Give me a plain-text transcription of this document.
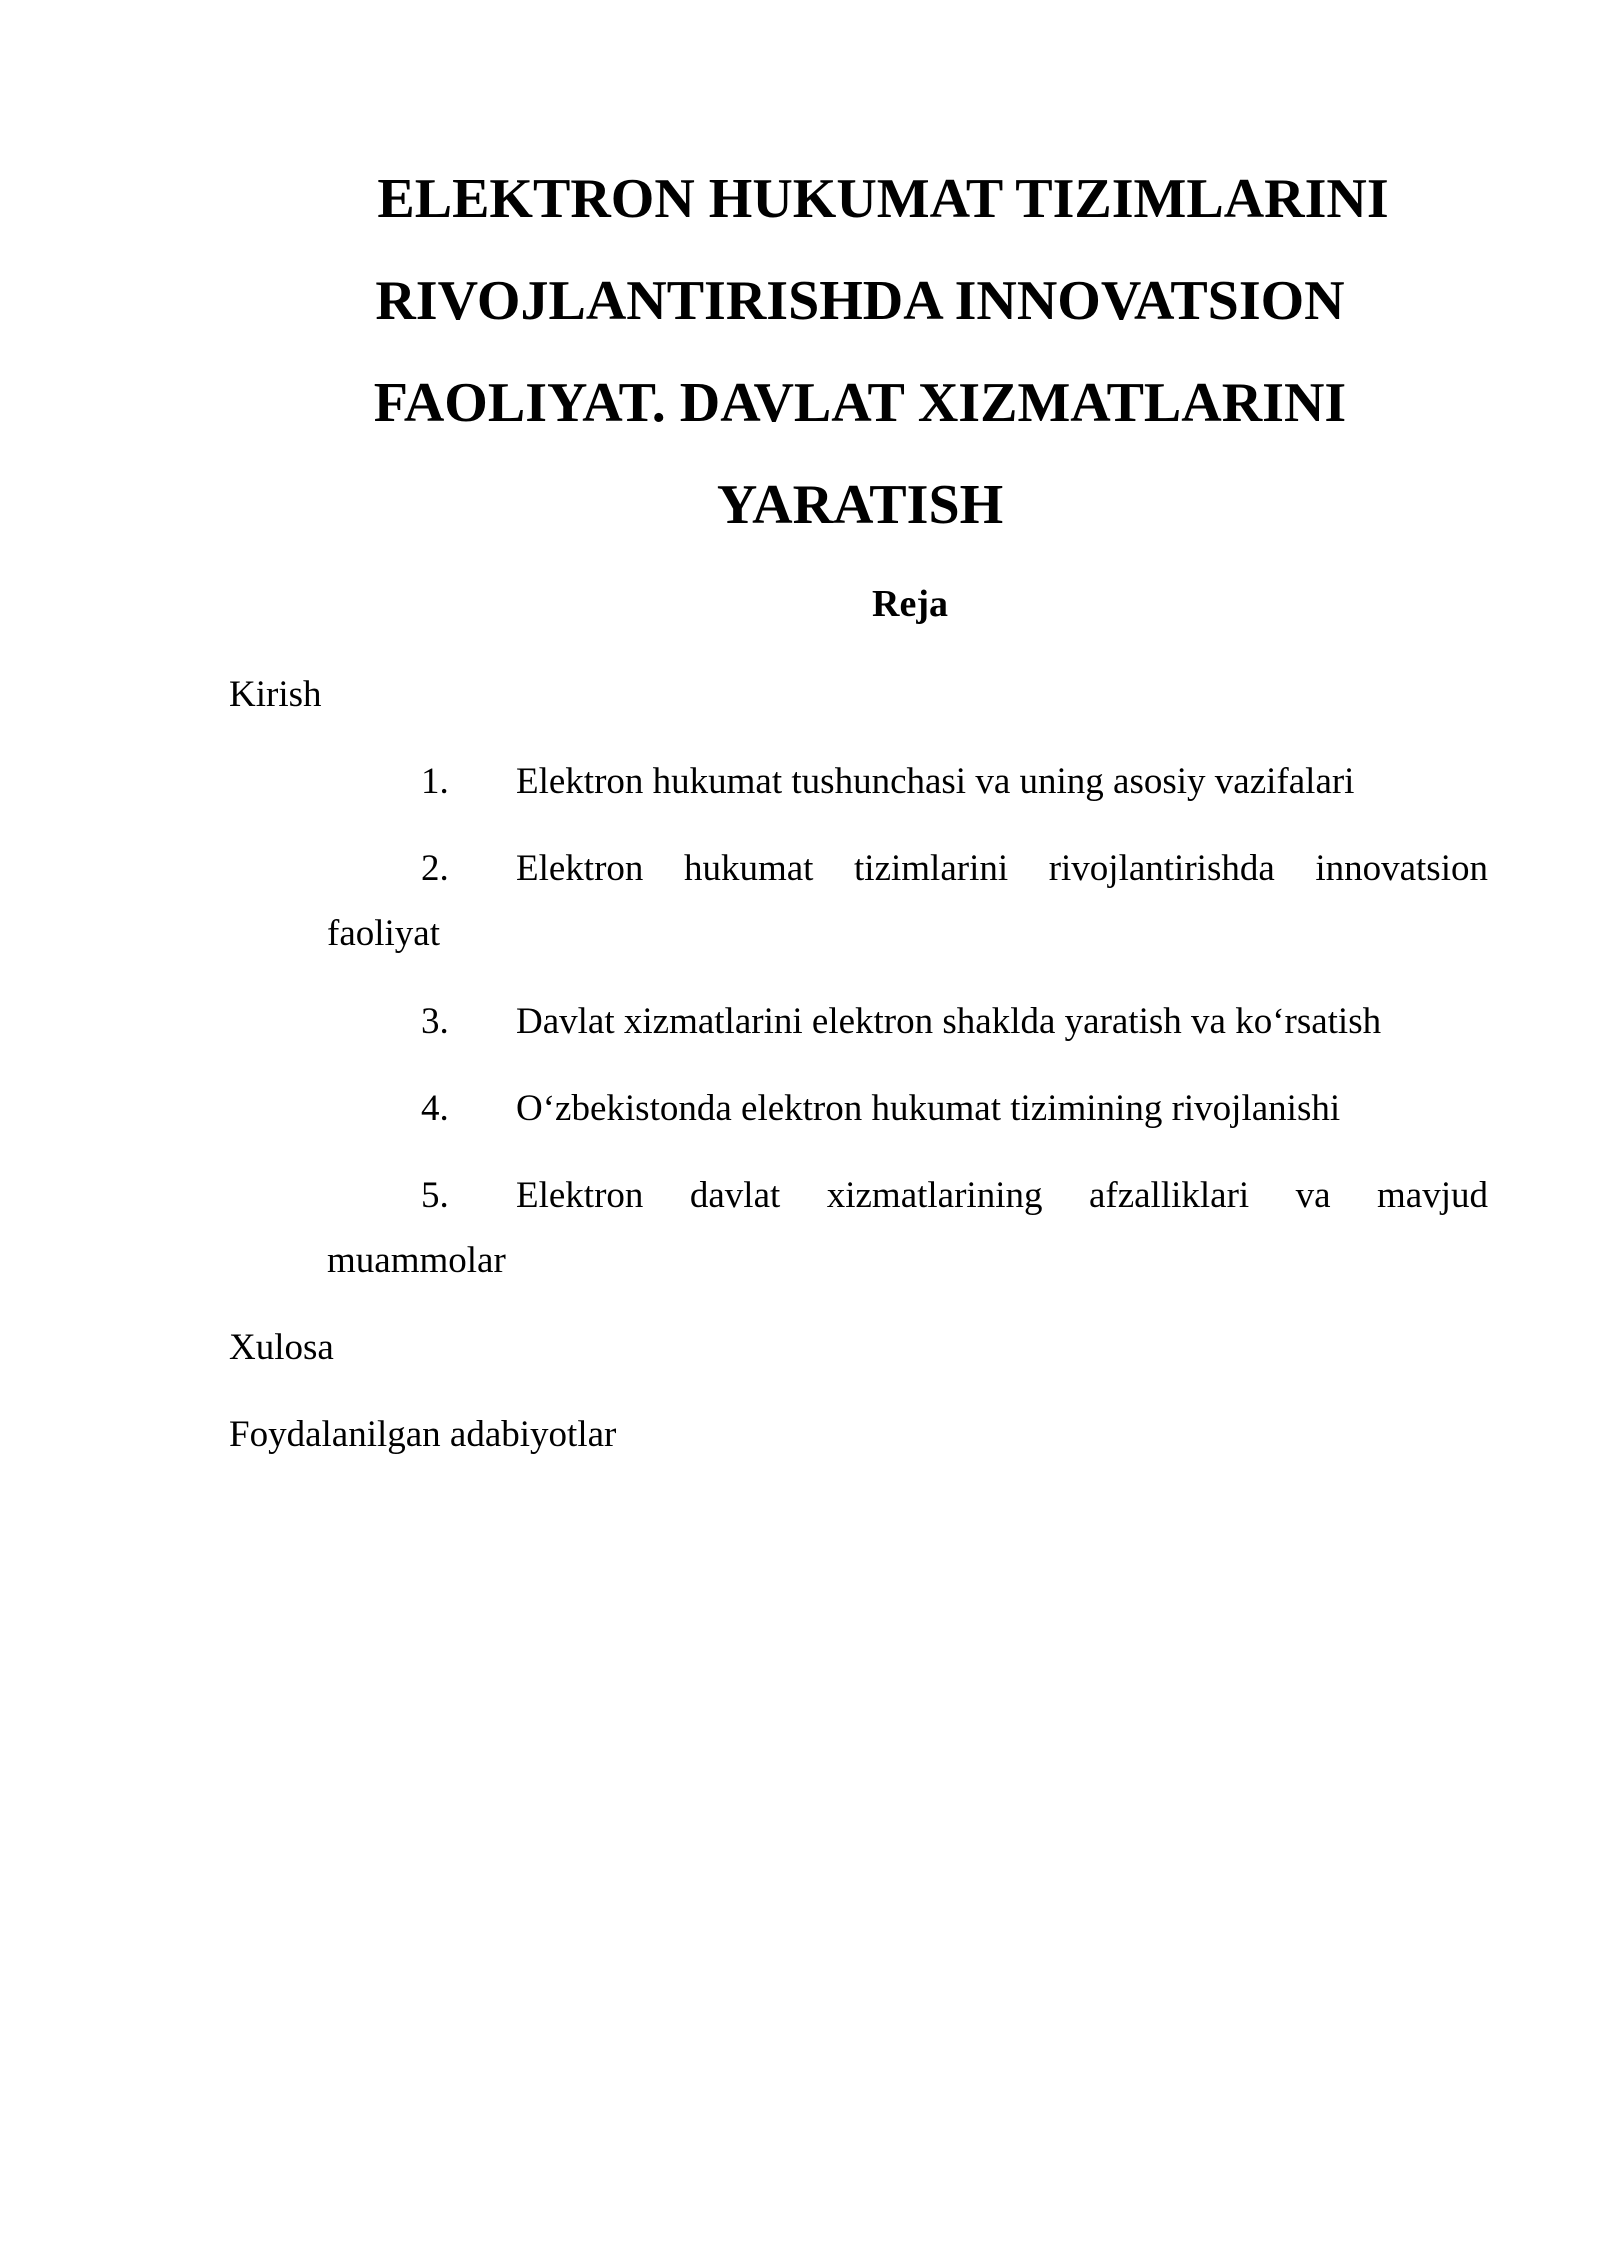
ELEKTRON HUKUMAT TIZIMLARINI
RIVOJLANTIRISHDA INNOVATSION
FAOLIYAT. DAVLAT XIZMATLARINI
YARATISH

Reja

Kirish

1. Elektron hukumat tushunchasi va uning asosiy vazifalari

2. Elektron hukumat tizimlarini rivojlantirishda innovatsion

faoliyat

3. Davlat xizmatlarini elektron shaklda yaratish va ko‘rsatish

4. O‘zbekistonda elektron hukumat tizimining rivojlanishi

5. Elektron davlat xizmatlarining afzalliklari va mavjud

muammolar

Xulosa

Foydalanilgan adabiyotlar
